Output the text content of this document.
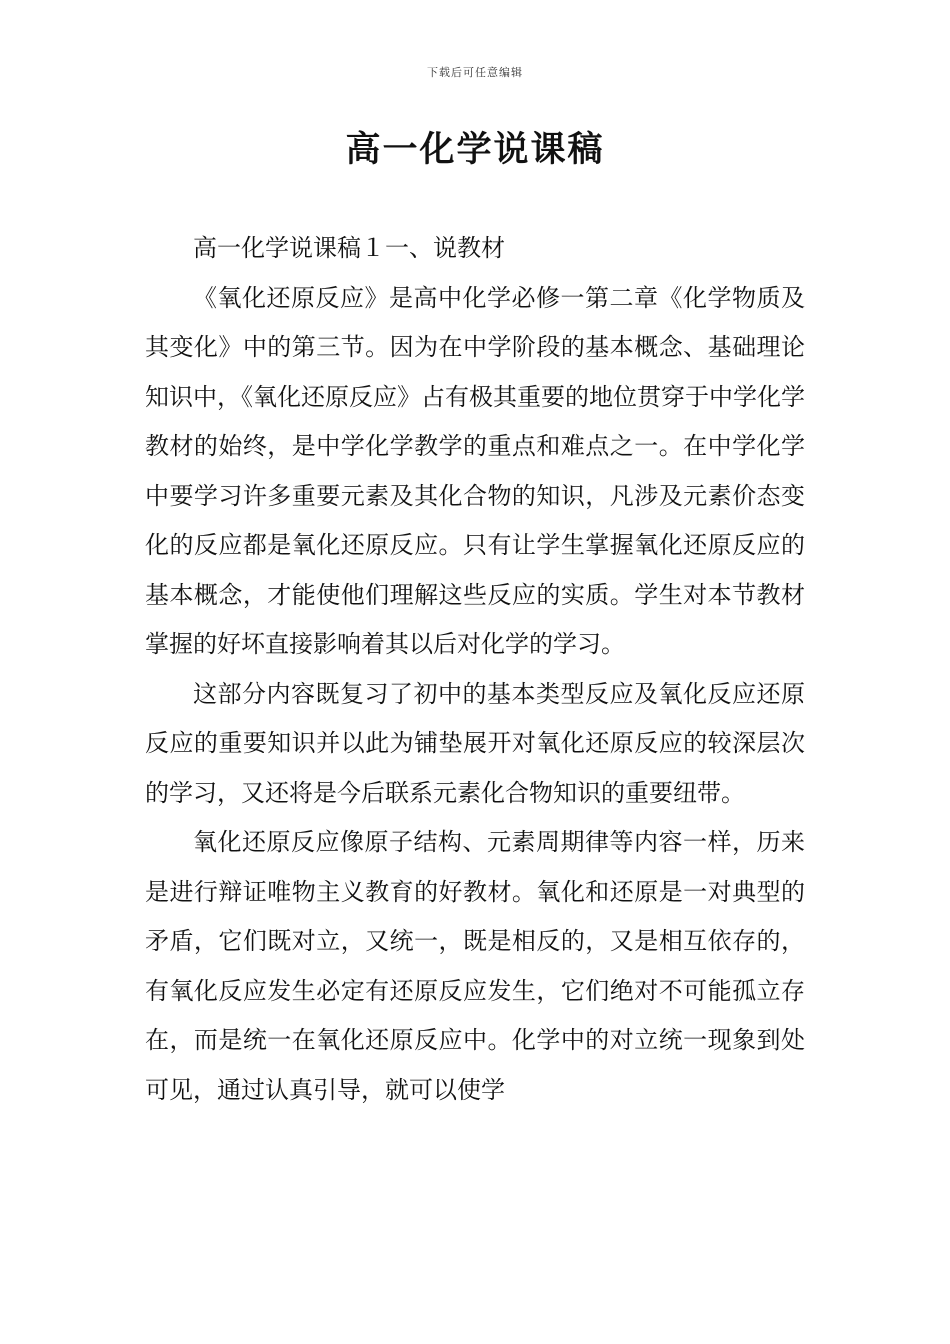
下载后可任意编辑
高一化学说课稿

高一化学说课稿１一、说教材

《氧化还原反应》是高中化学必修一第二章《化学物质及其变化》中的第三节。因为在中学阶段的基本概念、基础理论知识中，《氧化还原反应》占有极其重要的地位贯穿于中学化学教材的始终，是中学化学教学的重点和难点之一。在中学化学中要学习许多重要元素及其化合物的知识，凡涉及元素价态变化的反应都是氧化还原反应。只有让学生掌握氧化还原反应的基本概念，才能使他们理解这些反应的实质。学生对本节教材掌握的好坏直接影响着其以后对化学的学习。

这部分内容既复习了初中的基本类型反应及氧化反应还原反应的重要知识并以此为铺垫展开对氧化还原反应的较深层次的学习，又还将是今后联系元素化合物知识的重要纽带。

氧化还原反应像原子结构、元素周期律等内容一样，历来是进行辩证唯物主义教育的好教材。氧化和还原是一对典型的矛盾，它们既对立，又统一，既是相反的，又是相互依存的，有氧化反应发生必定有还原反应发生，它们绝对不可能孤立存在，而是统一在氧化还原反应中。化学中的对立统一现象到处可见，通过认真引导，就可以使学
